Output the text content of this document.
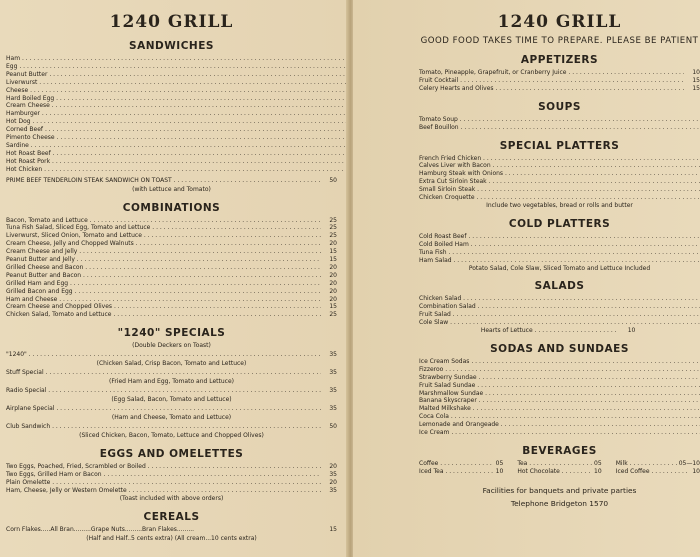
1240 GRILL
SANDWICHES
Ham . . .
Egg . . .
Peanut Butter . . .
Liverwurst . . .
Cheese . . .
Hard Boiled Egg . . .
Cream Cheese . . .
Hamburger . . .
Hot Dog . . .
Corned Beef . . .
Pimento Cheese . . .
Sardine . . .
Hot Roast Beef . . .
Hot Roast Pork . . .
Hot Chicken . . .
PRIME BEEF TENDERLOIN STEAK SANDWICH ON TOAST . . .	50
(with Lettuce and Tomato)
COMBINATIONS
Bacon, Tomato and Lettuce . . .	25
Tuna Fish Salad, Sliced Egg, Tomato and Lettuce . . .	25
Liverwurst, Sliced Onion, Tomato and Lettuce . . .	25
Cream Cheese, Jelly and Chopped Walnuts . . .	20
Cream Cheese and Jelly . . .	15
Peanut Butter and Jelly . . .	15
Grilled Cheese and Bacon . . .	20
Peanut Butter and Bacon . . .	20
Grilled Ham and Egg . . .	20
Grilled Bacon and Egg . . .	20
Ham and Cheese . . .	20
Cream Cheese and Chopped Olives . . .	15
Chicken Salad, Tomato and Lettuce . . .	25
"1240" SPECIALS
(Double Deckers on Toast)
"1240" . . .	35
(Chicken Salad, Crisp Bacon, Tomato and Lettuce)
Stuff Special . . .	35
(Fried Ham and Egg, Tomato and Lettuce)
Radio Special . . .	35
(Egg Salad, Bacon, Tomato and Lettuce)
Airplane Special . . .	35
(Ham and Cheese, Tomato and Lettuce)
Club Sandwich . . .	50
(Sliced Chicken, Bacon, Tomato, Lettuce and Chopped Olives)
EGGS AND OMELETTES
Two Eggs, Poached, Fried, Scrambled or Boiled . . .	20
Two Eggs, Grilled Ham or Bacon . . .	35
Plain Omelette . . .	20
Ham, Cheese, Jelly or Western Omelette . . .	35
(Toast included with above orders)
CEREALS
Corn Flakes.....All Bran.........Grape Nuts.........Bran Flakes.........	15
(Half and Half..5 cents extra) (All cream...10 cents extra)
1240 GRILL
GOOD FOOD TAKES TIME TO PREPARE. PLEASE BE PATIENT
APPETIZERS
Tomato, Pineapple, Grapefruit, or Cranberry Juice . . .	10
Fruit Cocktail . . .	15
Celery Hearts and Olives . . .	15
SOUPS
Tomato Soup . . .
Beef Bouillon . . .
SPECIAL PLATTERS
French Fried Chicken . . .
Calves Liver with Bacon . . .
Hamburg Steak with Onions . . .
Extra Cut Sirloin Steak . . .
Small Sirloin Steak . . .
Chicken Croquette . . .
Include two vegetables, bread or rolls and butter
COLD PLATTERS
Cold Roast Beef . . .
Cold Boiled Ham . . .
Tuna Fish . . .
Ham Salad . . .
Potato Salad, Cole Slaw, Sliced Tomato and Lettuce Included
SALADS
Chicken Salad . . .
Combination Salad . . .
Fruit Salad . . .
Cole Slaw . . .
Hearts of Lettuce . . .	10
SODAS AND SUNDAES
Ice Cream Sodas . . .
Fizzeroo . . .
Strawberry Sundae . . .
Fruit Salad Sundae . . .
Marshmallow Sundae . . .
Banana Skyscraper . . .
Malted Milkshake . . .
Coca Cola . . .
Lemonade and Orangeade . . .
Ice Cream . . .
BEVERAGES
Coffee . . .	05 Tea . . .	05 Milk . . .	05—10
Iced Tea . . .	10 Hot Chocolate . . .	10 Iced Coffee . . .	10
Facilities for banquets and private parties
Telephone Bridgeton 1570
